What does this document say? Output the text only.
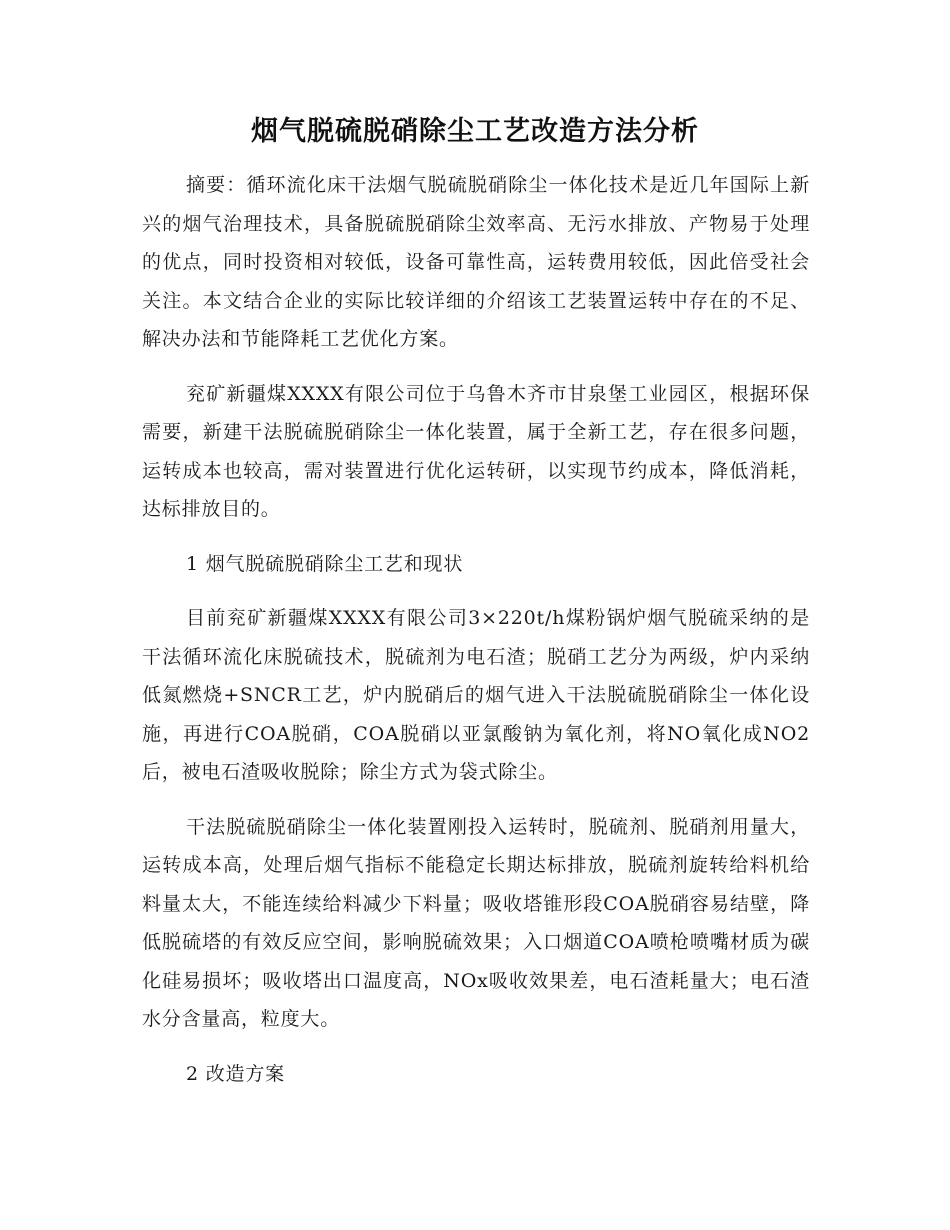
烟气脱硫脱硝除尘工艺改造方法分析

摘要：循环流化床干法烟气脱硫脱硝除尘一体化技术是近几年国际上新兴的烟气治理技术，具备脱硫脱硝除尘效率高、无污水排放、产物易于处理的优点，同时投资相对较低，设备可靠性高，运转费用较低，因此倍受社会关注。本文结合企业的实际比较详细的介绍该工艺装置运转中存在的不足、解决办法和节能降耗工艺优化方案。

兖矿新疆煤XXXX有限公司位于乌鲁木齐市甘泉堡工业园区，根据环保需要，新建干法脱硫脱硝除尘一体化装置，属于全新工艺，存在很多问题，运转成本也较高，需对装置进行优化运转研，以实现节约成本，降低消耗，达标排放目的。

1 烟气脱硫脱硝除尘工艺和现状

目前兖矿新疆煤XXXX有限公司3×220t/h煤粉锅炉烟气脱硫采纳的是干法循环流化床脱硫技术，脱硫剂为电石渣；脱硝工艺分为两级，炉内采纳低氮燃烧+SNCR工艺，炉内脱硝后的烟气进入干法脱硫脱硝除尘一体化设施，再进行COA脱硝，COA脱硝以亚氯酸钠为氧化剂，将NO氧化成NO2后，被电石渣吸收脱除；除尘方式为袋式除尘。

干法脱硫脱硝除尘一体化装置刚投入运转时，脱硫剂、脱硝剂用量大，运转成本高，处理后烟气指标不能稳定长期达标排放，脱硫剂旋转给料机给料量太大，不能连续给料减少下料量；吸收塔锥形段COA脱硝容易结壁，降低脱硫塔的有效反应空间，影响脱硫效果；入口烟道COA喷枪喷嘴材质为碳化硅易损坏；吸收塔出口温度高，NOx吸收效果差，电石渣耗量大；电石渣水分含量高，粒度大。

2 改造方案
